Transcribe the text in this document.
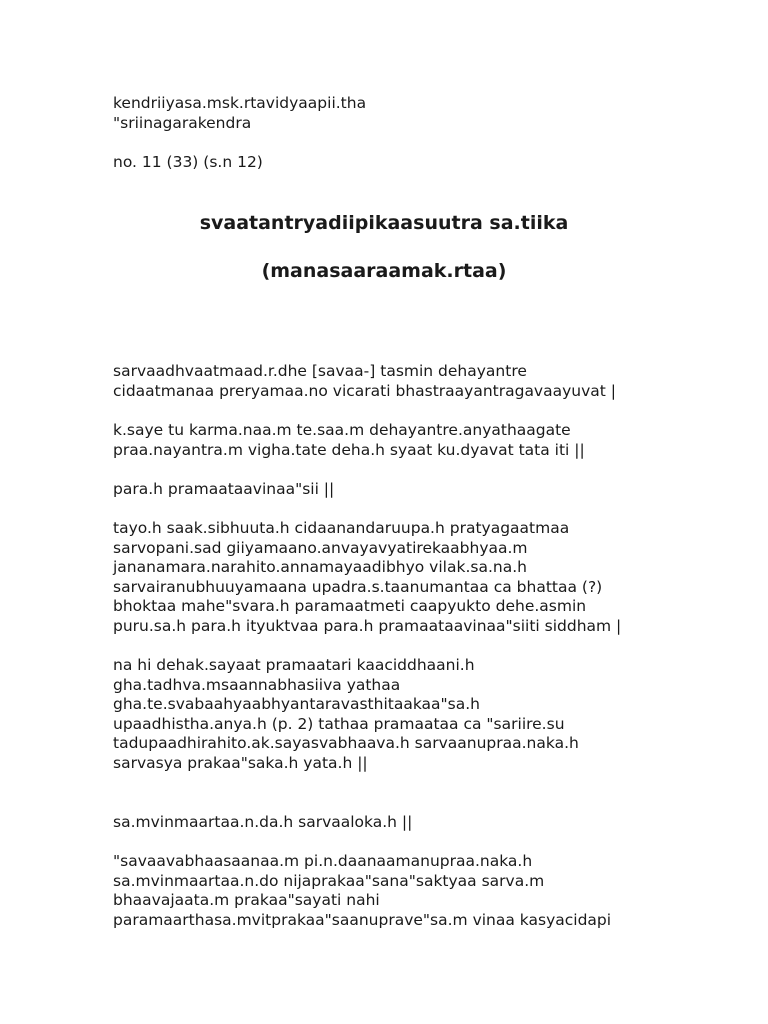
kendriiyasa.msk.rtavidyaapii.tha
"sriinagarakendra
no. 11 (33) (s.n 12)
svaatantryadiipikaasuutra sa.tiika
(manasaaraamak.rtaa)
sarvaadhvaatmaad.r.dhe [savaa-] tasmin dehayantre
cidaatmanaa preryamaa.no vicarati bhastraayantragavaayuvat |
k.saye tu karma.naa.m te.saa.m dehayantre.anyathaagate
praa.nayantra.m vigha.tate deha.h syaat ku.dyavat tata iti ||
para.h pramaataavinaa"sii ||
tayo.h saak.sibhuuta.h cidaanandaruupa.h pratyagaatmaa
sarvopani.sad giiyamaano.anvayavyatirekaabhyaa.m
jananamara.narahito.annamayaadibhyo vilak.sa.na.h
sarvairanubhuuyamaana upadra.s.taanumantaa ca bhattaa (?)
bhoktaa mahe"svara.h paramaatmeti caapyukto dehe.asmin
puru.sa.h para.h ityuktvaa para.h pramaataavinaa"siiti siddham |
na hi dehak.sayaat pramaatari kaaciddhaani.h
gha.tadhva.msaannabhasiiva yathaa
gha.te.svabaahyaabhyantaravasthitaakaa"sa.h
upaadhistha.anya.h (p. 2) tathaa pramaataa ca "sariire.su
tadupaadhirahito.ak.sayasvabhaava.h sarvaanupraa.naka.h
sarvasya prakaa"saka.h yata.h ||
sa.mvinmaartaa.n.da.h sarvaaloka.h ||
"savaavabhaasaanaa.m pi.n.daanaamanupraa.naka.h
sa.mvinmaartaa.n.do nijaprakaa"sana"saktyaa sarva.m
bhaavajaata.m prakaa"sayati nahi
paramaarthasa.mvitprakaa"saanuprave"sa.m vinaa kasyacidapi
